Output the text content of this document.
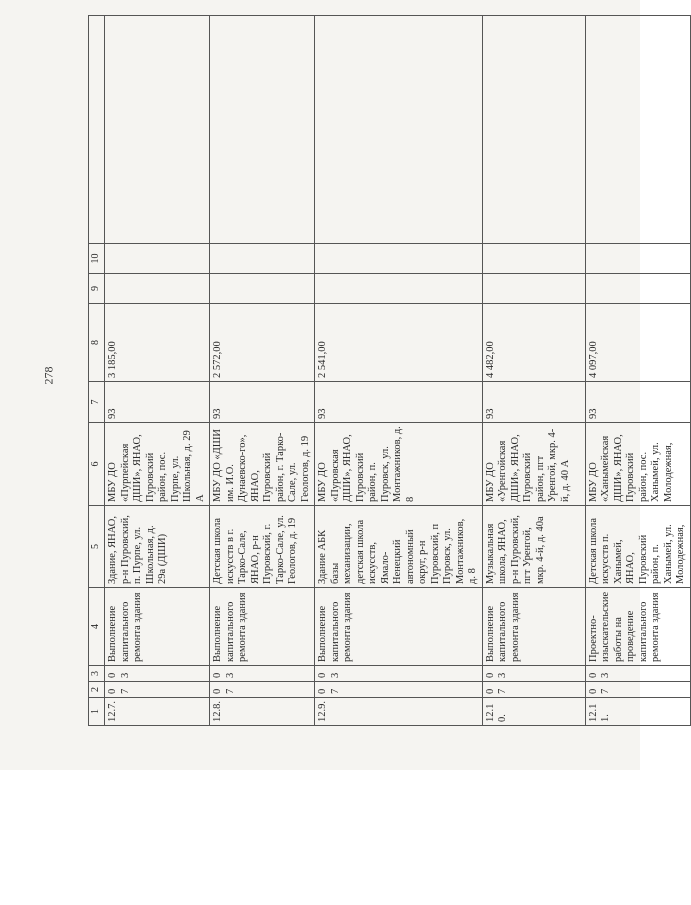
278
1	2	3	4	5	6	7	8	9	10	
12.7.	07	03	Выполнение капитального ремонта здания	Здание, ЯНАО, р-н Пуровский, п. Пурпе, ул. Школьная, д. 29а (ДШИ)	МБУ ДО «Пурпейская ДШИ», ЯНАО, Пуровский район, пос. Пурпе, ул. Школьная, д. 29 А	93	3 185,00			
12.8.	07	03	Выполнение капитального ремонта здания	Детская школа искусств в г. Тарко-Сале, ЯНАО, р-н Пуровский, г. Тарко-Сале, ул. Геологов, д. 19	МБУ ДО «ДШИ им. И.О. Дунаевско-го», ЯНАО, Пуровский район, г. Тарко-Сале, ул. Геологов, д. 19	93	2 572,00			
12.9.	07	03	Выполнение капитального ремонта здания	Здание АБК базы механизации, детская школа искусств, Ямало-Ненецкий автономный округ, р-н Пуровский, п Пуровск, ул. Монтажников, д. 8	МБУ ДО «Пуровская ДШИ», ЯНАО, Пуровский район, п. Пуровск, ул. Монтажников, д. 8	93	2 541,00			
12.10.	07	03	Выполнение капитального ремонта здания	Музыкальная школа, ЯНАО, р-н Пуровский, пгт Уренгой, мкр. 4-й, д. 40а	МБУ ДО «Уренгойская ДШИ», ЯНАО, Пуровский район, пгт Уренгой, мкр. 4-й, д. 40 А	93	4 482,00			
12.11.	07	03	Проектно-изыскательские работы на проведение капитального ремонта здания	Детская школа искусств п. Ханымей, ЯНАО, Пуровский район, п. Ханымей, ул. Молодежная,	МБУ ДО «Ханымейская ДШИ», ЯНАО, Пуровский район, пос. Ханымей, ул. Молодежная,	93	4 097,00			
